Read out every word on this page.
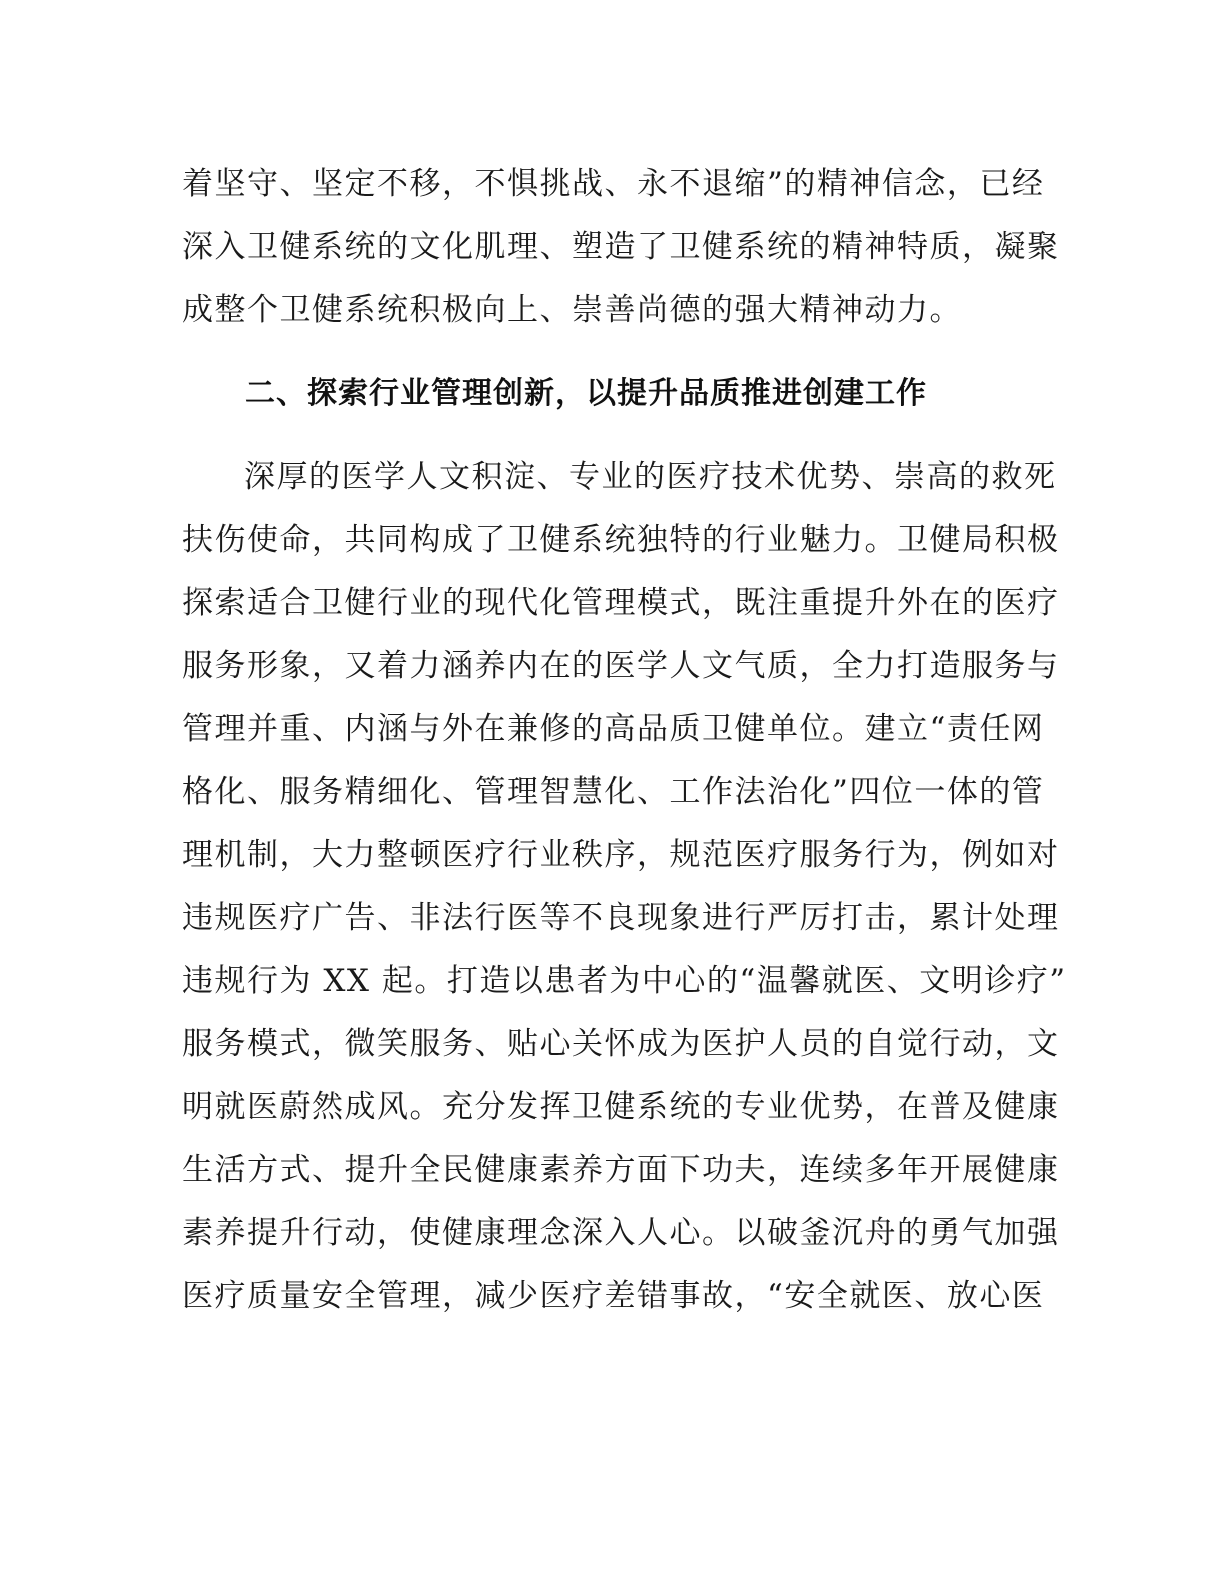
着坚守、坚定不移，不惧挑战、永不退缩”的精神信念，已经
深入卫健系统的文化肌理、塑造了卫健系统的精神特质，凝聚
成整个卫健系统积极向上、崇善尚德的强大精神动力。
二、探索行业管理创新，以提升品质推进创建工作
深厚的医学人文积淀、专业的医疗技术优势、崇高的救死
扶伤使命，共同构成了卫健系统独特的行业魅力。卫健局积极
探索适合卫健行业的现代化管理模式，既注重提升外在的医疗
服务形象，又着力涵养内在的医学人文气质，全力打造服务与
管理并重、内涵与外在兼修的高品质卫健单位。建立“责任网
格化、服务精细化、管理智慧化、工作法治化”四位一体的管
理机制，大力整顿医疗行业秩序，规范医疗服务行为，例如对
违规医疗广告、非法行医等不良现象进行严厉打击，累计处理
违规行为 XX 起。打造以患者为中心的“温馨就医、文明诊疗”
服务模式，微笑服务、贴心关怀成为医护人员的自觉行动，文
明就医蔚然成风。充分发挥卫健系统的专业优势，在普及健康
生活方式、提升全民健康素养方面下功夫，连续多年开展健康
素养提升行动，使健康理念深入人心。以破釜沉舟的勇气加强
医疗质量安全管理，减少医疗差错事故，“安全就医、放心医
